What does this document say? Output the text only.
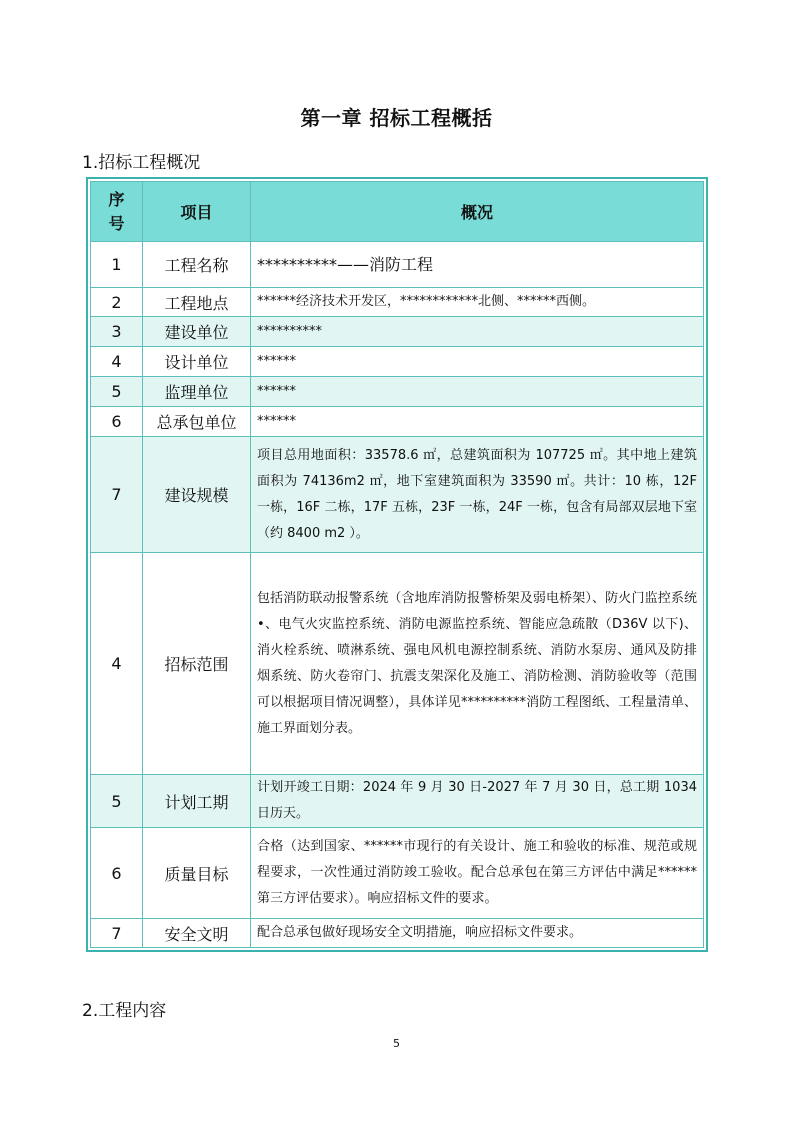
第一章 招标工程概括
1.招标工程概况
序号	项目	概况
1	工程名称	**********——消防工程
2	工程地点	******经济技术开发区，************北侧、******西侧。
3	建设单位	**********
4	设计单位	******
5	监理单位	******
6	总承包单位	******
7	建设规模	项目总用地面积：33578.6 ㎡，总建筑面积为 107725 ㎡。其中地上建筑面积为 74136m2 ㎡，地下室建筑面积为 33590 ㎡。共计：10 栋，12F 一栋，16F 二栋，17F 五栋，23F 一栋，24F 一栋，包含有局部双层地下室（约 8400 m2 ）。
4	招标范围	包括消防联动报警系统（含地库消防报警桥架及弱电桥架）、防火门监控系统•、电气火灾监控系统、消防电源监控系统、智能应急疏散（D36V 以下)、消火栓系统、喷淋系统、强电风机电源控制系统、消防水泵房、通风及防排烟系统、防火卷帘门、抗震支架深化及施工、消防检测、消防验收等（范围可以根据项目情况调整），具体详见**********消防工程图纸、工程量清单、施工界面划分表。
5	计划工期	计划开竣工日期：2024 年 9 月 30 日-2027 年 7 月 30 日，总工期 1034 日历天。
6	质量目标	合格（达到国家、******市现行的有关设计、施工和验收的标准、规范或规程要求，一次性通过消防竣工验收。配合总承包在第三方评估中满足******第三方评估要求）。响应招标文件的要求。
7	安全文明	配合总承包做好现场安全文明措施，响应招标文件要求。
2.工程内容
5
